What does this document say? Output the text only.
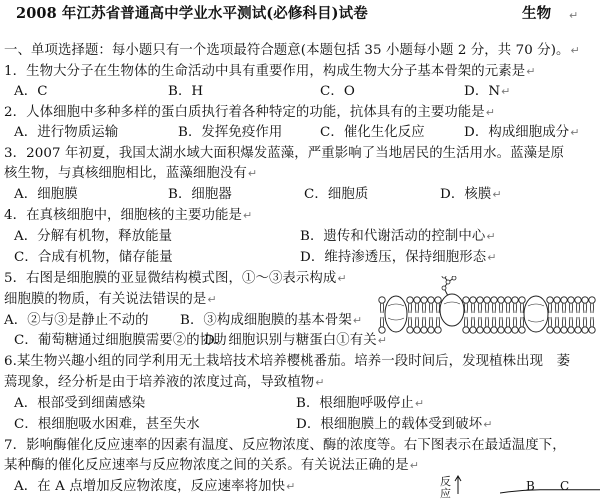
2008 年江苏省普通高中学业水平测试(必修科目)试卷	生物 ↵
一、单项选择题：每小题只有一个选项最符合题意(本题包括 35 小题每小题 2 分，共 70 分)。↵
1．生物大分子在生物体的生命活动中具有重要作用，构成生物大分子基本骨架的元素是↵
A．C	B．H	C．O	D．N↵
2．人体细胞中多种多样的蛋白质执行着各种特定的功能，抗体具有的主要功能是↵
A．进行物质运输	B．发挥免疫作用	C．催化生化反应	D．构成细胞成分↵
3．2007 年初夏，我国太湖水域大面积爆发蓝藻，严重影响了当地居民的生活用水。蓝藻是原
核生物，与真核细胞相比，蓝藻细胞没有↵
A．细胞膜	B．细胞器	C．细胞质	D．核膜↵
4．在真核细胞中，细胞核的主要功能是↵
A．分解有机物，释放能量	B．遗传和代谢活动的控制中心↵
C．合成有机物，储存能量	D．维持渗透压，保持细胞形态↵
5．右图是细胞膜的亚显微结构模式图，①～③表示构成↵
细胞膜的物质，有关说法错误的是↵
A．②与③是静止不动的 B．③构成细胞膜的基本骨架↵
C．葡萄糖通过细胞膜需要②的协助
D．细胞识别与糖蛋白①有关↵
6.某生物兴趣小组的同学利用无土栽培技术培养樱桃番茄。培养一段时间后，发现植株出现　萎
蔫现象，经分析是由于培养液的浓度过高，导致植物↵
A．根部受到细菌感染	B．根细胞呼吸停止↵
C．根细胞吸水困难，甚至失水	D．根细胞膜上的载体受到破坏↵
7．影响酶催化反应速率的因素有温度、反应物浓度、酶的浓度等。右下图表示在最适温度下，
某种酶的催化反应速率与反应物浓度之间的关系。有关说法正确的是↵
A．在 A 点增加反应物浓度，反应速率将加快↵	反应
B C
